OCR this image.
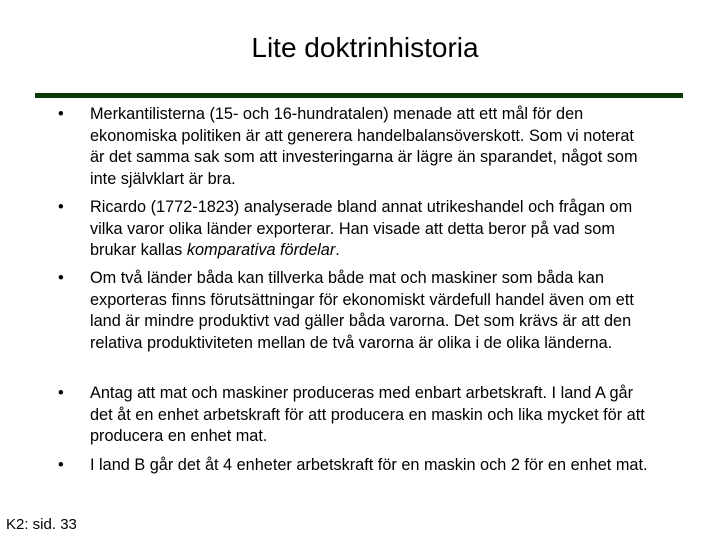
Lite doktrinhistoria
•	Merkantilisterna (15- och 16-hundratalen) menade att ett mål för den ekonomiska politiken är att generera handelbalansöverskott. Som vi noterat är det samma sak som att investeringarna är lägre än sparandet, något som inte självklart är bra.
•	Ricardo (1772-1823) analyserade bland annat utrikeshandel och frågan om vilka varor olika länder exporterar. Han visade att detta beror på vad som brukar kallas komparativa fördelar.
•	Om två länder båda kan tillverka både mat och maskiner som båda kan exporteras finns förutsättningar för ekonomiskt värdefull handel även om ett land är mindre produktivt vad gäller båda varorna. Det som krävs är att den relativa produktiviteten mellan de två varorna är olika i de olika länderna.
•	Antag att mat och maskiner produceras med enbart arbetskraft. I land A går det åt en enhet arbetskraft för att producera en maskin och lika mycket för att producera en enhet mat.
•	I land B går det åt 4 enheter arbetskraft för en maskin och 2 för en enhet mat.
K2: sid. 33
